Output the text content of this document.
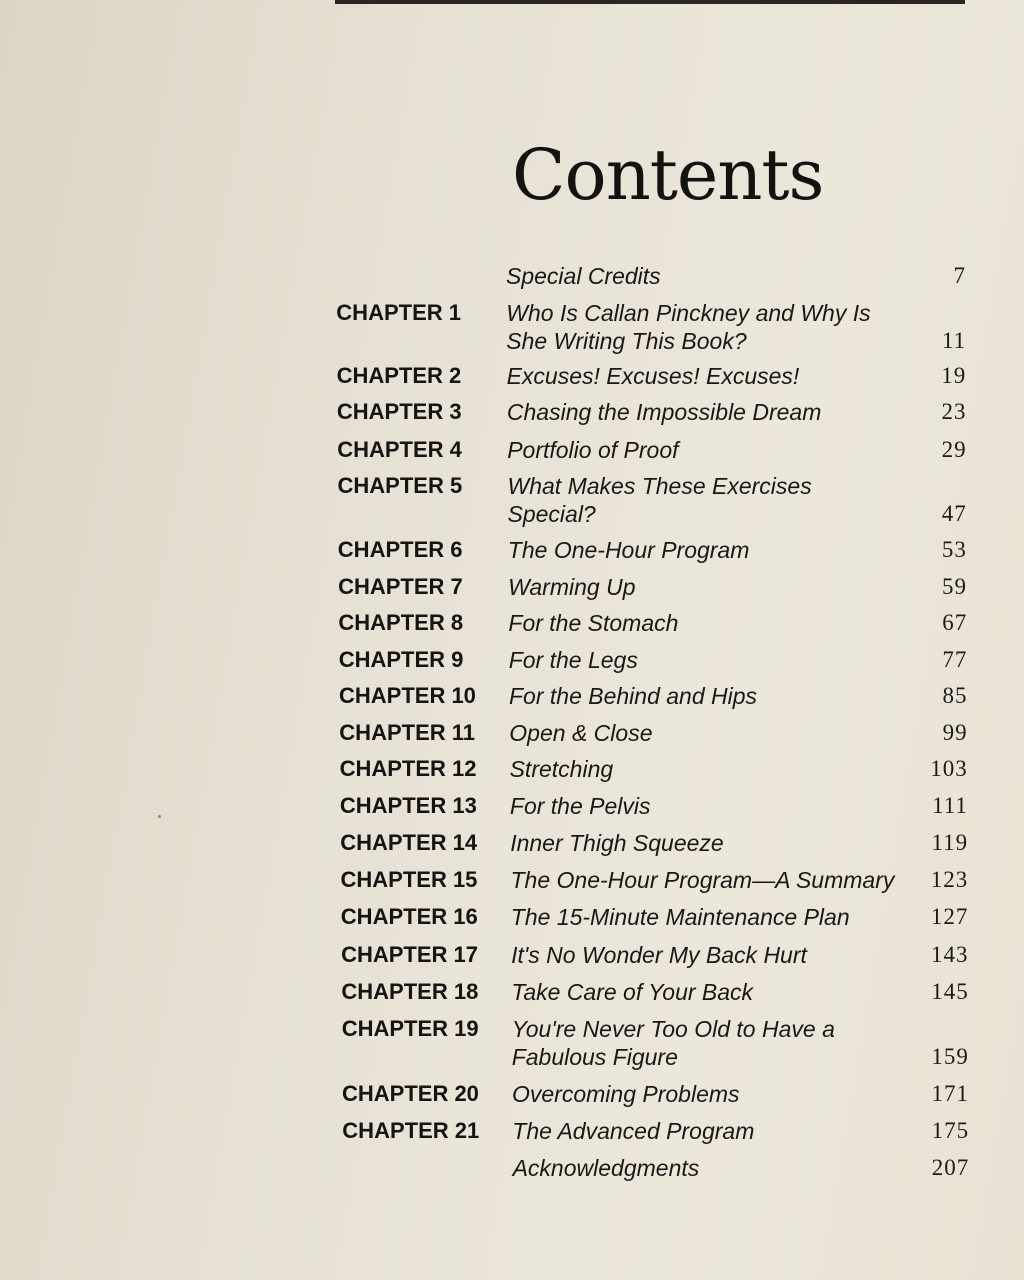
Contents
Special Credits	7
CHAPTER 1 Who Is Callan Pinckney and Why Is
She Writing This Book?	11
CHAPTER 2 Excuses! Excuses! Excuses!	19
CHAPTER 3 Chasing the Impossible Dream	23
CHAPTER 4 Portfolio of Proof	29
CHAPTER 5 What Makes These Exercises
Special?	47
CHAPTER 6 The One-Hour Program	53
CHAPTER 7 Warming Up	59
CHAPTER 8 For the Stomach	67
CHAPTER 9 For the Legs	77
CHAPTER 10 For the Behind and Hips	85
CHAPTER 11 Open & Close	99
CHAPTER 12 Stretching	103
CHAPTER 13 For the Pelvis	111
CHAPTER 14 Inner Thigh Squeeze	119
CHAPTER 15 The One-Hour Program—A Summary	123
CHAPTER 16 The 15-Minute Maintenance Plan	127
CHAPTER 17 It's No Wonder My Back Hurt	143
CHAPTER 18 Take Care of Your Back	145
CHAPTER 19 You're Never Too Old to Have a
Fabulous Figure	159
CHAPTER 20 Overcoming Problems	171
CHAPTER 21 The Advanced Program	175
Acknowledgments	207
